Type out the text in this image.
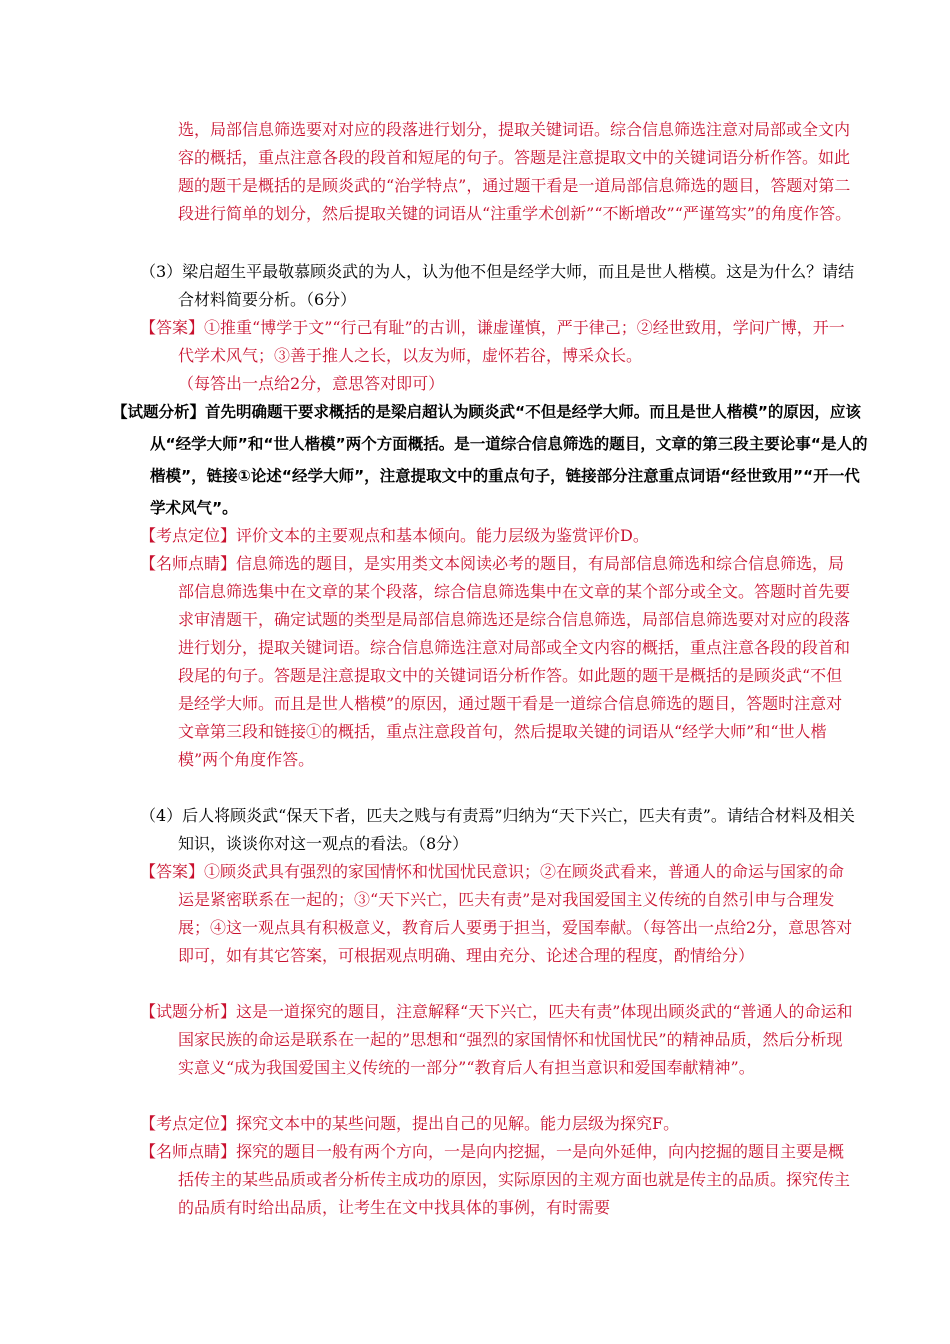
选，局部信息筛选要对对应的段落进行划分，提取关键词语。综合信息筛选注意对局部或全文内容的概括，重点注意各段的段首和短尾的句子。答题是注意提取文中的关键词语分析作答。如此题的题干是概括的是顾炎武的“治学特点”，通过题干看是一道局部信息筛选的题目，答题对第二段进行简单的划分，然后提取关键的词语从“注重学术创新”“不断增改”“严谨笃实”的角度作答。

（3）梁启超生平最敬慕顾炎武的为人，认为他不但是经学大师，而且是世人楷模。这是为什么？请结合材料简要分析。（6分）

【答案】①推重“博学于文”“行己有耻”的古训，谦虚谨慎，严于律己；②经世致用，学问广博，开一代学术风气；③善于推人之长，以友为师，虚怀若谷，博采众长。

（每答出一点给2分，意思答对即可）

【试题分析】首先明确题干要求概括的是梁启超认为顾炎武“不但是经学大师。而且是世人楷模”的原因，应该从“经学大师”和“世人楷模”两个方面概括。是一道综合信息筛选的题目，文章的第三段主要论事“是人的楷模”，链接①论述“经学大师”，注意提取文中的重点句子，链接部分注意重点词语“经世致用”“开一代学术风气”。

【考点定位】评价文本的主要观点和基本倾向。能力层级为鉴赏评价D。

【名师点睛】信息筛选的题目，是实用类文本阅读必考的题目，有局部信息筛选和综合信息筛选，局部信息筛选集中在文章的某个段落，综合信息筛选集中在文章的某个部分或全文。答题时首先要求审清题干，确定试题的类型是局部信息筛选还是综合信息筛选，局部信息筛选要对对应的段落进行划分，提取关键词语。综合信息筛选注意对局部或全文内容的概括，重点注意各段的段首和段尾的句子。答题是注意提取文中的关键词语分析作答。如此题的题干是概括的是顾炎武“不但是经学大师。而且是世人楷模”的原因，通过题干看是一道综合信息筛选的题目，答题时注意对文章第三段和链接①的概括，重点注意段首句，然后提取关键的词语从“经学大师”和“世人楷模”两个角度作答。

（4）后人将顾炎武“保天下者，匹夫之贱与有责焉”归纳为“天下兴亡，匹夫有责”。请结合材料及相关知识，谈谈你对这一观点的看法。（8分）

【答案】①顾炎武具有强烈的家国情怀和忧国忧民意识；②在顾炎武看来，普通人的命运与国家的命运是紧密联系在一起的；③“天下兴亡，匹夫有责”是对我国爱国主义传统的自然引申与合理发展；④这一观点具有积极意义，教育后人要勇于担当，爱国奉献。（每答出一点给2分，意思答对即可，如有其它答案，可根据观点明确、理由充分、论述合理的程度，酌情给分）

【试题分析】这是一道探究的题目，注意解释“天下兴亡，匹夫有责”体现出顾炎武的“普通人的命运和国家民族的命运是联系在一起的”思想和“强烈的家国情怀和忧国忧民”的精神品质，然后分析现实意义“成为我国爱国主义传统的一部分”“教育后人有担当意识和爱国奉献精神”。

【考点定位】探究文本中的某些问题，提出自己的见解。能力层级为探究F。

【名师点睛】探究的题目一般有两个方向，一是向内挖掘，一是向外延伸，向内挖掘的题目主要是概括传主的某些品质或者分析传主成功的原因，实际原因的主观方面也就是传主的品质。探究传主的品质有时给出品质，让考生在文中找具体的事例，有时需要
